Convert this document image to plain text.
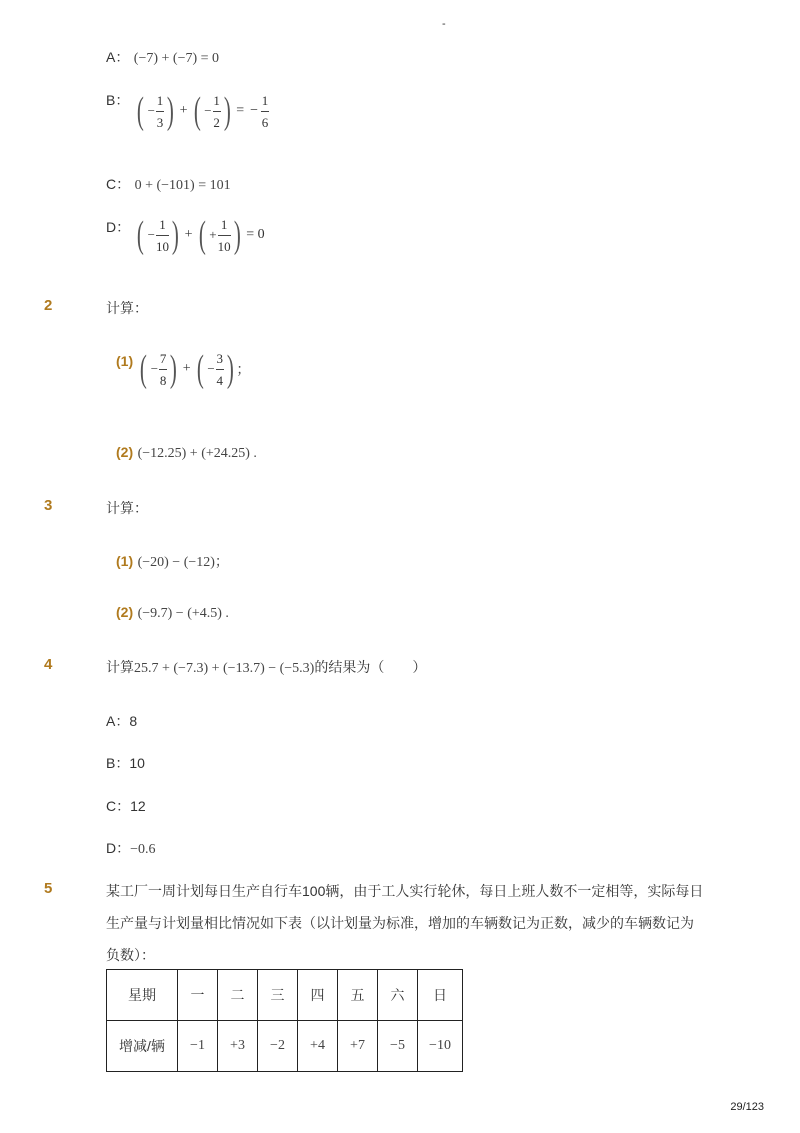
-
A： (−7) + (−7) = 0
B： ( − $\frac{1}{3}$ ) + ( − $\frac{1}{2}$ ) = − $\frac{1}{6}$
C： 0 + (−101) = 101
D： ( − $\frac{1}{10}$ ) + ( + $\frac{1}{10}$ ) = 0
2	计算：
(1) ( − $\frac{7}{8}$ ) + ( − $\frac{3}{4}$ ) ；
(2) (−12.25) + (+24.25) .
3	计算：
(1) (−20) − (−12)；
(2) (−9.7) − (+4.5) .
4	计算25.7 + (−7.3) + (−13.7) − (−5.3)的结果为（　　）
A：8
B：10
C：12
D：−0.6
5	某工厂一周计划每日生产自行车100辆，由于工人实行轮休，每日上班人数不一定相等，实际每日
生产量与计划量相比情况如下表（以计划量为标准，增加的车辆数记为正数，减少的车辆数记为
负数）：
星期	一	二	三	四	五	六	日
增减/辆	−1	+3	−2	+4	+7	−5	−10
29/123
